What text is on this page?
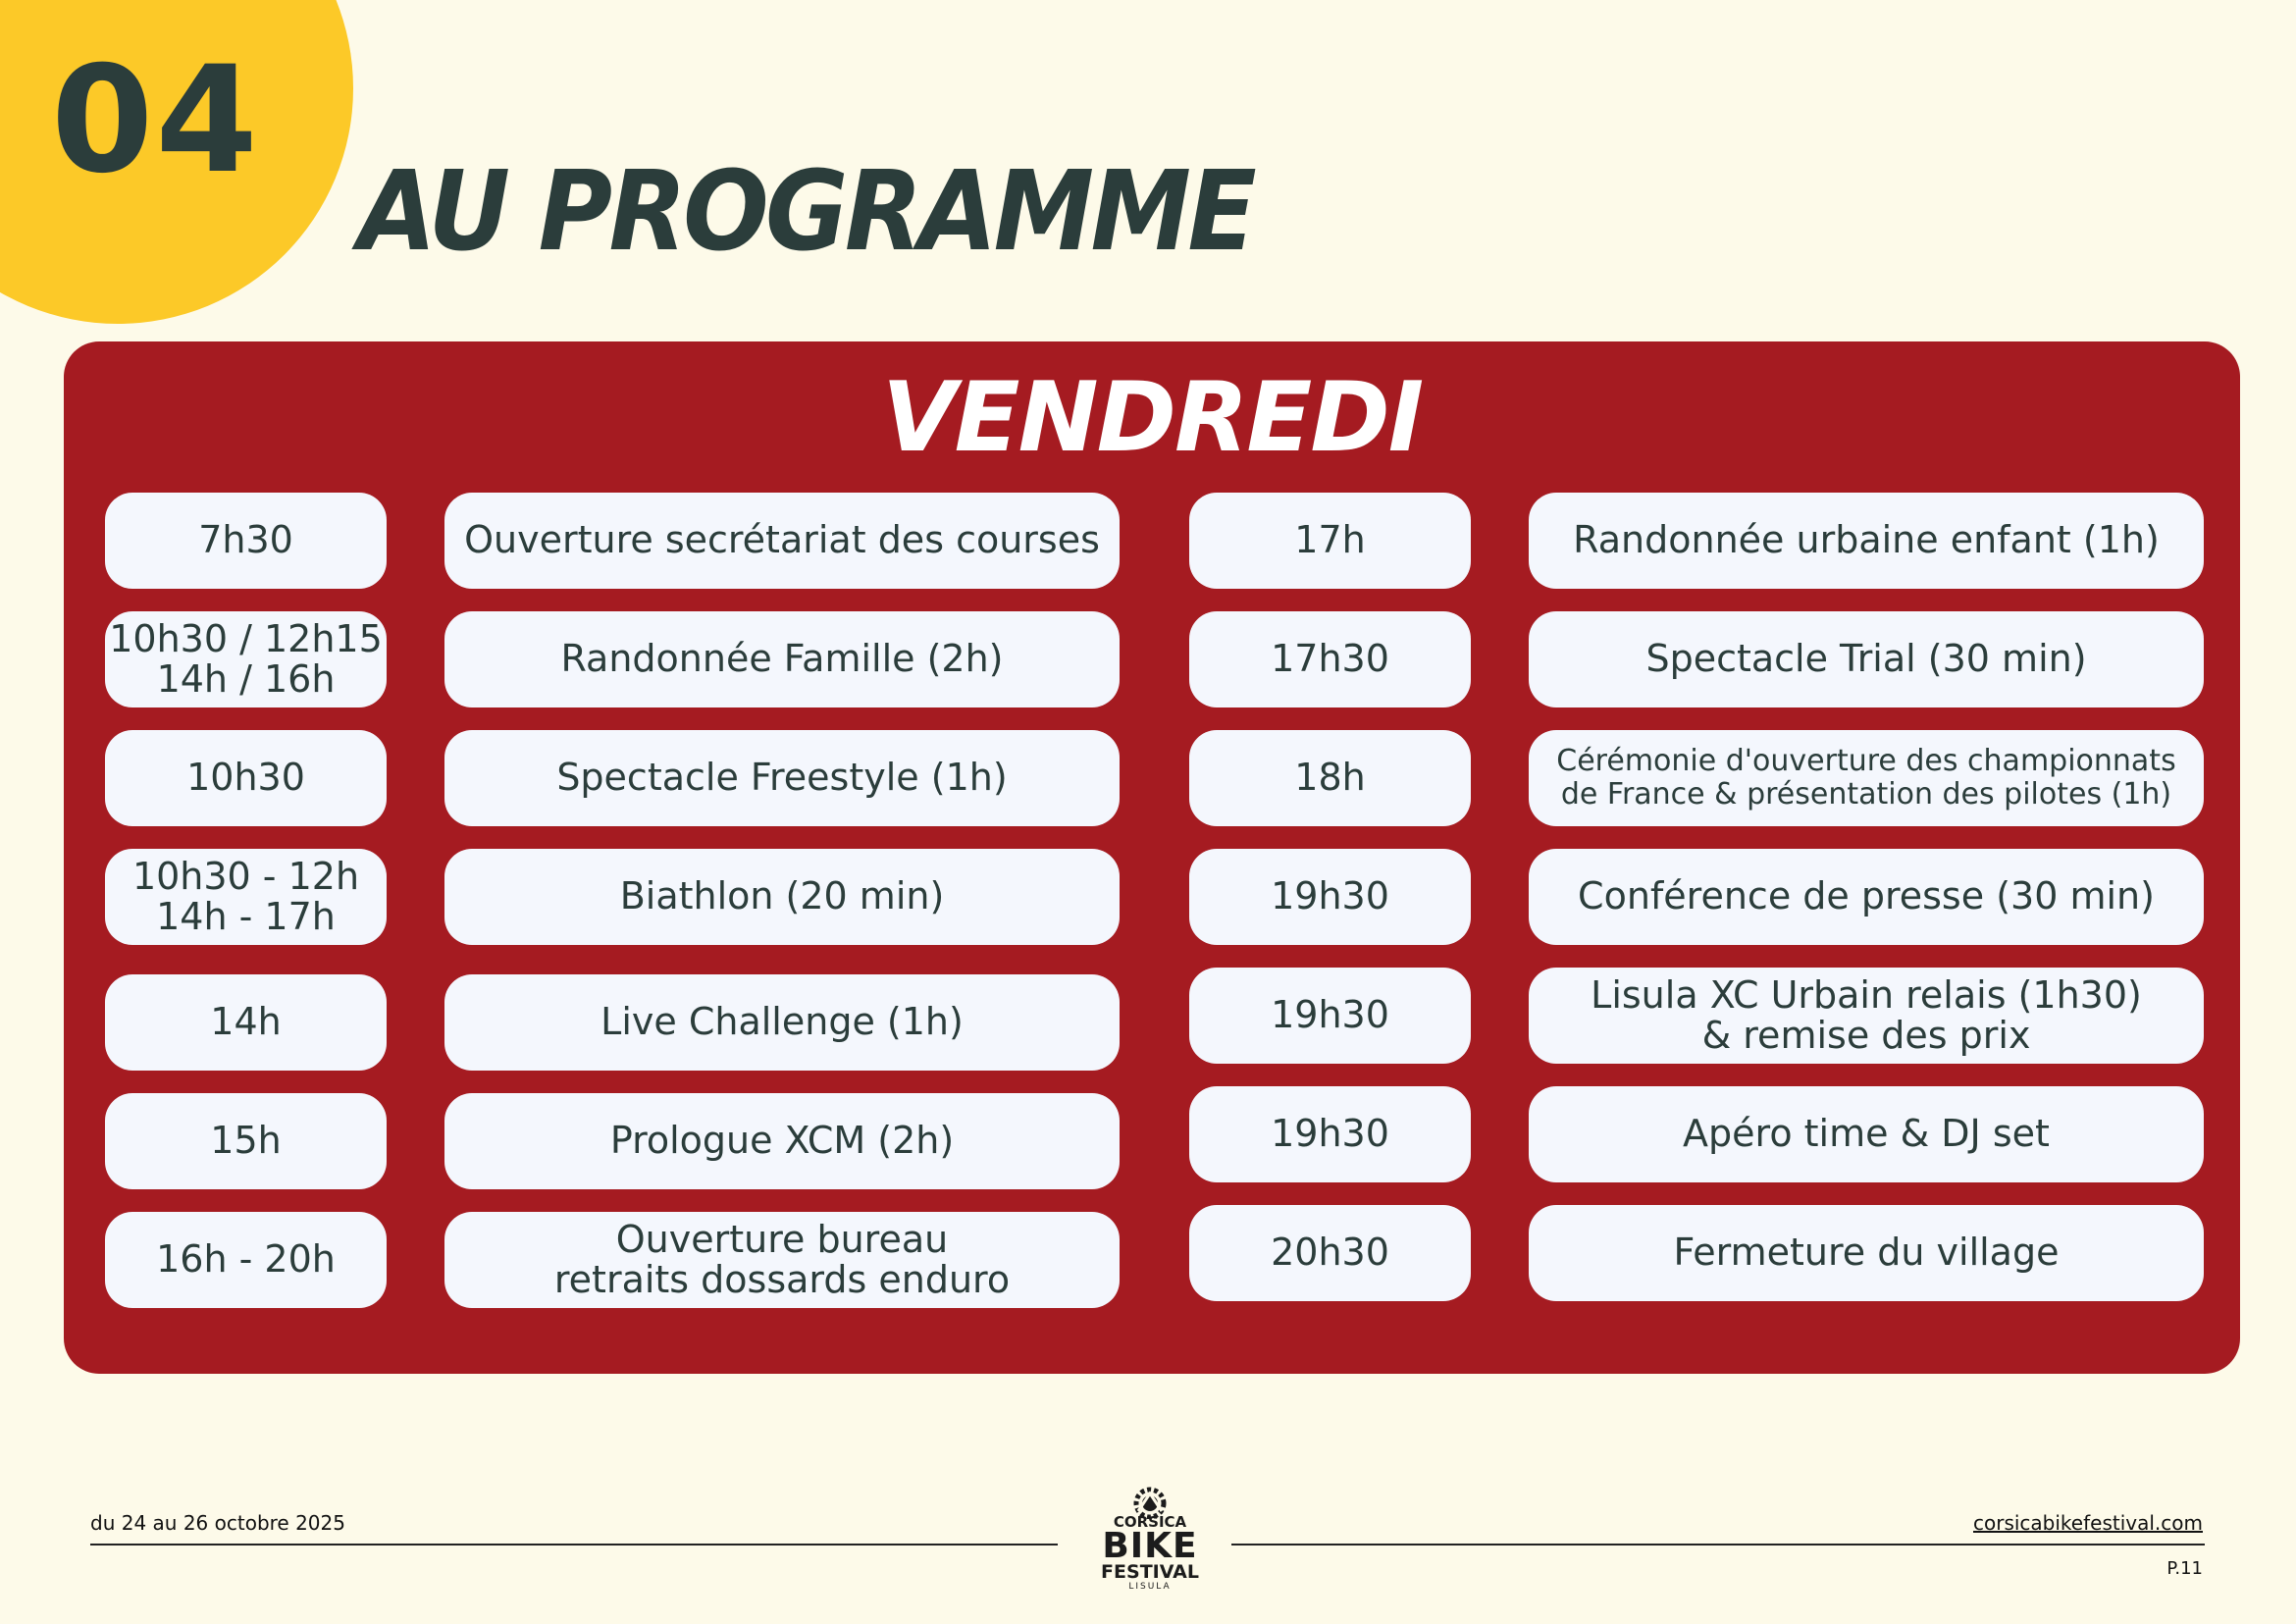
04
AU PROGRAMME
VENDREDI
7h30	Ouverture secrétariat des courses
10h30 / 12h15
14h / 16h	Randonnée Famille (2h)
10h30	Spectacle Freestyle (1h)
10h30 - 12h
14h - 17h	Biathlon (20 min)
14h	Live Challenge (1h)
15h	Prologue XCM (2h)
16h - 20h	Ouverture bureau
retraits dossards enduro
17h	Randonnée urbaine enfant (1h)
17h30	Spectacle Trial (30 min)
18h	Cérémonie d'ouverture des championnats
de France & présentation des pilotes (1h)
19h30	Conférence de presse (30 min)
19h30	Lisula XC Urbain relais (1h30)
& remise des prix
19h30	Apéro time & DJ set
20h30	Fermeture du village
du 24 au 26 octobre 2025	corsicabikefestival.com
P.11
CORSICA
BIKE
FESTIVAL
LISULA
